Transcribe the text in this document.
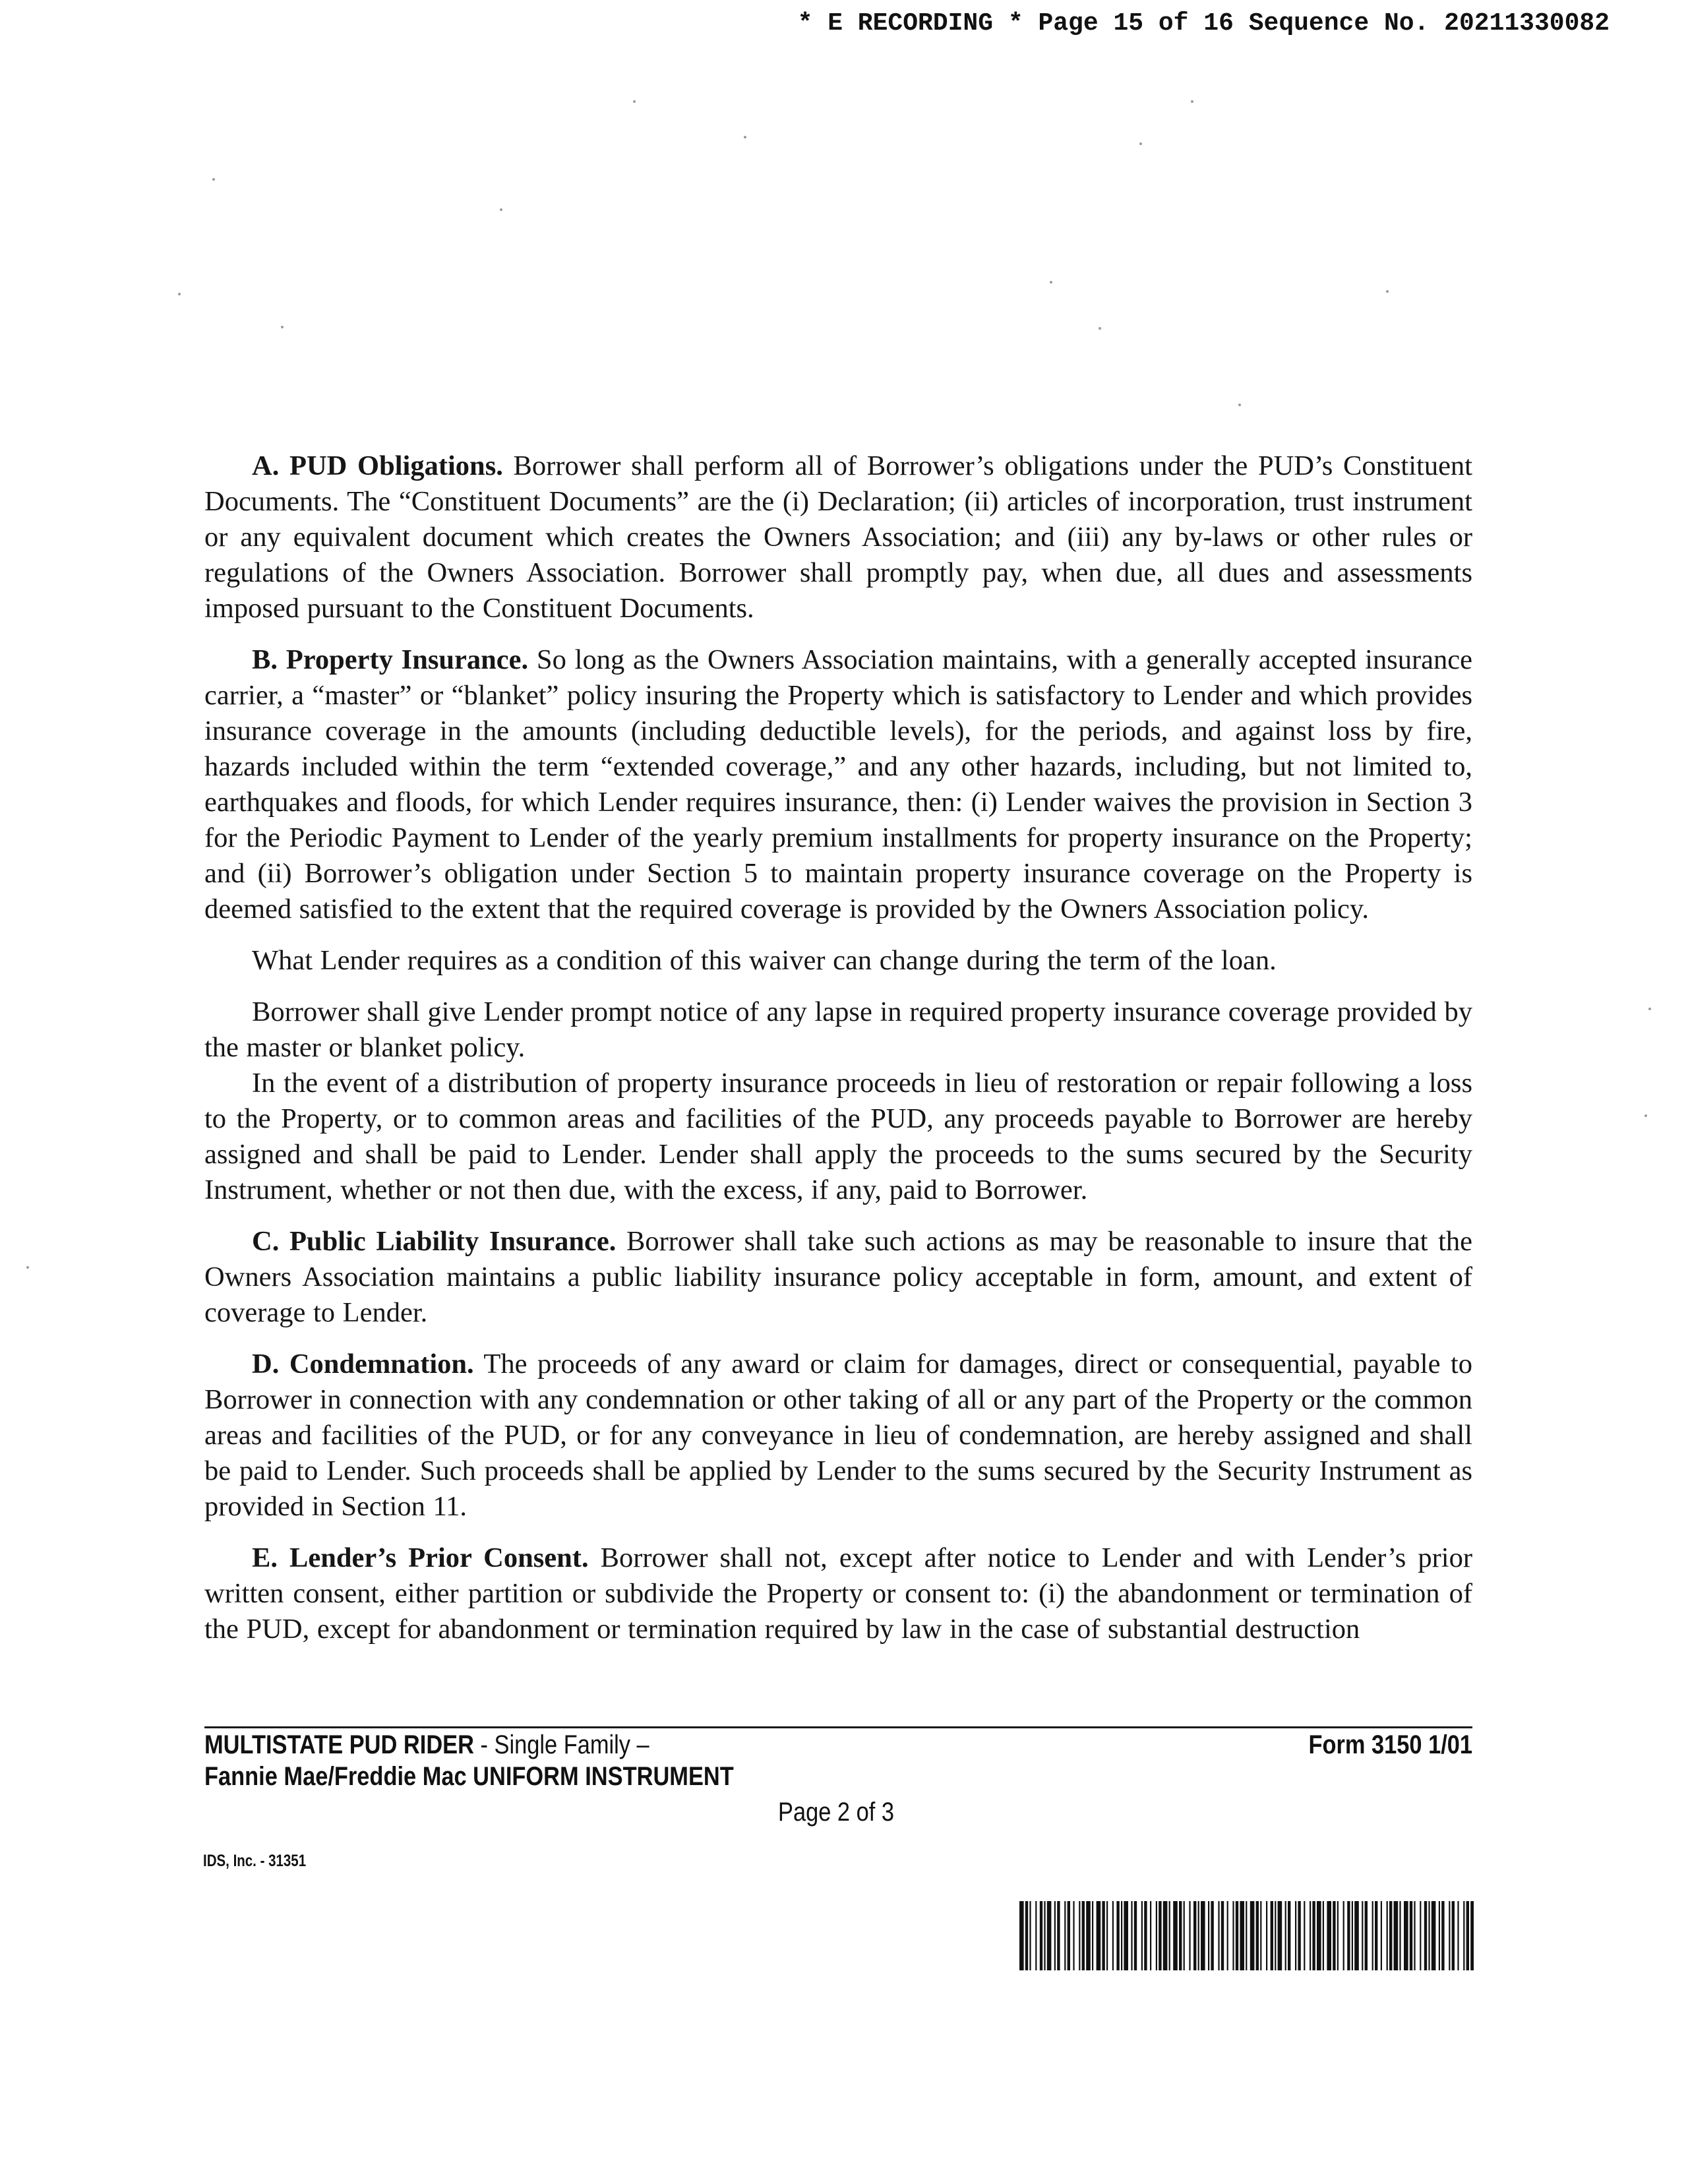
* E RECORDING * Page 15 of 16 Sequence No. 20211330082

A. PUD Obligations. Borrower shall perform all of Borrower’s obligations under the PUD’s Constituent Documents. The “Constituent Documents” are the (i) Declaration; (ii) articles of incorporation, trust instrument or any equivalent document which creates the Owners Association; and (iii) any by-laws or other rules or regulations of the Owners Association. Borrower shall promptly pay, when due, all dues and assessments imposed pursuant to the Constituent Documents.

B. Property Insurance. So long as the Owners Association maintains, with a generally accepted insurance carrier, a “master” or “blanket” policy insuring the Property which is satisfactory to Lender and which provides insurance coverage in the amounts (including deductible levels), for the periods, and against loss by fire, hazards included within the term “extended coverage,” and any other hazards, including, but not limited to, earthquakes and floods, for which Lender requires insurance, then: (i) Lender waives the provision in Section 3 for the Periodic Payment to Lender of the yearly premium installments for property insurance on the Property; and (ii) Borrower’s obligation under Section 5 to maintain property insurance coverage on the Property is deemed satisfied to the extent that the required coverage is provided by the Owners Association policy.

What Lender requires as a condition of this waiver can change during the term of the loan.

Borrower shall give Lender prompt notice of any lapse in required property insurance coverage provided by the master or blanket policy.

In the event of a distribution of property insurance proceeds in lieu of restoration or repair following a loss to the Property, or to common areas and facilities of the PUD, any proceeds payable to Borrower are hereby assigned and shall be paid to Lender. Lender shall apply the proceeds to the sums secured by the Security Instrument, whether or not then due, with the excess, if any, paid to Borrower.

C. Public Liability Insurance. Borrower shall take such actions as may be reasonable to insure that the Owners Association maintains a public liability insurance policy acceptable in form, amount, and extent of coverage to Lender.

D. Condemnation. The proceeds of any award or claim for damages, direct or consequential, payable to Borrower in connection with any condemnation or other taking of all or any part of the Property or the common areas and facilities of the PUD, or for any conveyance in lieu of condemnation, are hereby assigned and shall be paid to Lender. Such proceeds shall be applied by Lender to the sums secured by the Security Instrument as provided in Section 11.

E. Lender’s Prior Consent. Borrower shall not, except after notice to Lender and with Lender’s prior written consent, either partition or subdivide the Property or consent to: (i) the abandonment or termination of the PUD, except for abandonment or termination required by law in the case of substantial destruction

MULTISTATE PUD RIDER - Single Family –	Form 3150 1/01
Fannie Mae/Freddie Mac UNIFORM INSTRUMENT
Page 2 of 3
IDS, Inc. - 31351
